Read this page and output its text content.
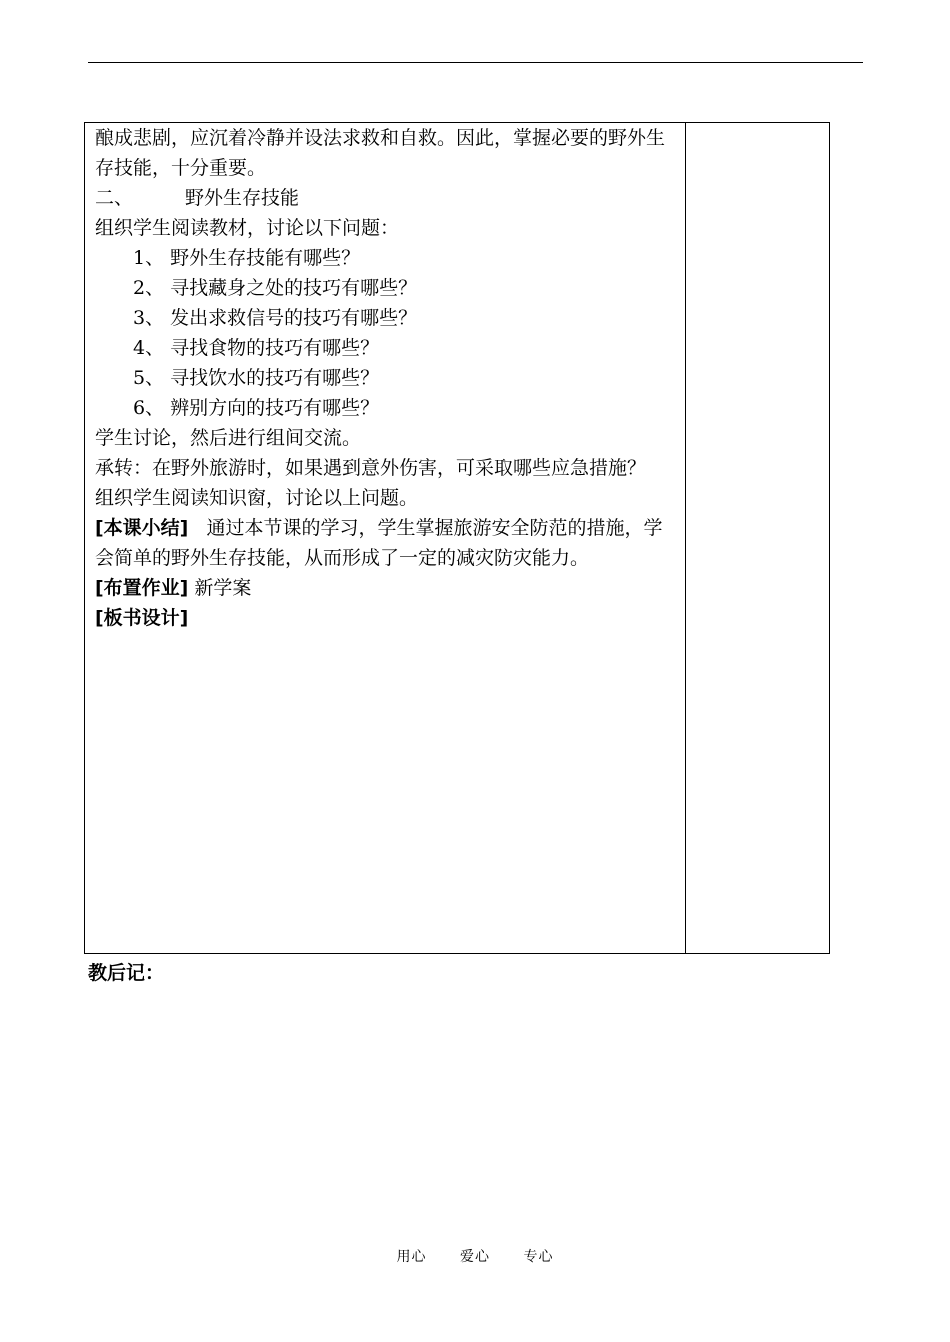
酿成悲剧，应沉着冷静并设法求救和自救。因此，掌握必要的野外生存技能，十分重要。
二、	野外生存技能
组织学生阅读教材，讨论以下问题：
1、 野外生存技能有哪些？
2、 寻找藏身之处的技巧有哪些？
3、 发出求救信号的技巧有哪些？
4、 寻找食物的技巧有哪些？
5、 寻找饮水的技巧有哪些？
6、 辨别方向的技巧有哪些？
学生讨论，然后进行组间交流。
承转：在野外旅游时，如果遇到意外伤害，可采取哪些应急措施？
组织学生阅读知识窗，讨论以上问题。
[本课小结] 通过本节课的学习，学生掌握旅游安全防范的措施，学会简单的野外生存技能，从而形成了一定的减灾防灾能力。
[布置作业] 新学案
[板书设计]
教后记：
用心 爱心 专心
